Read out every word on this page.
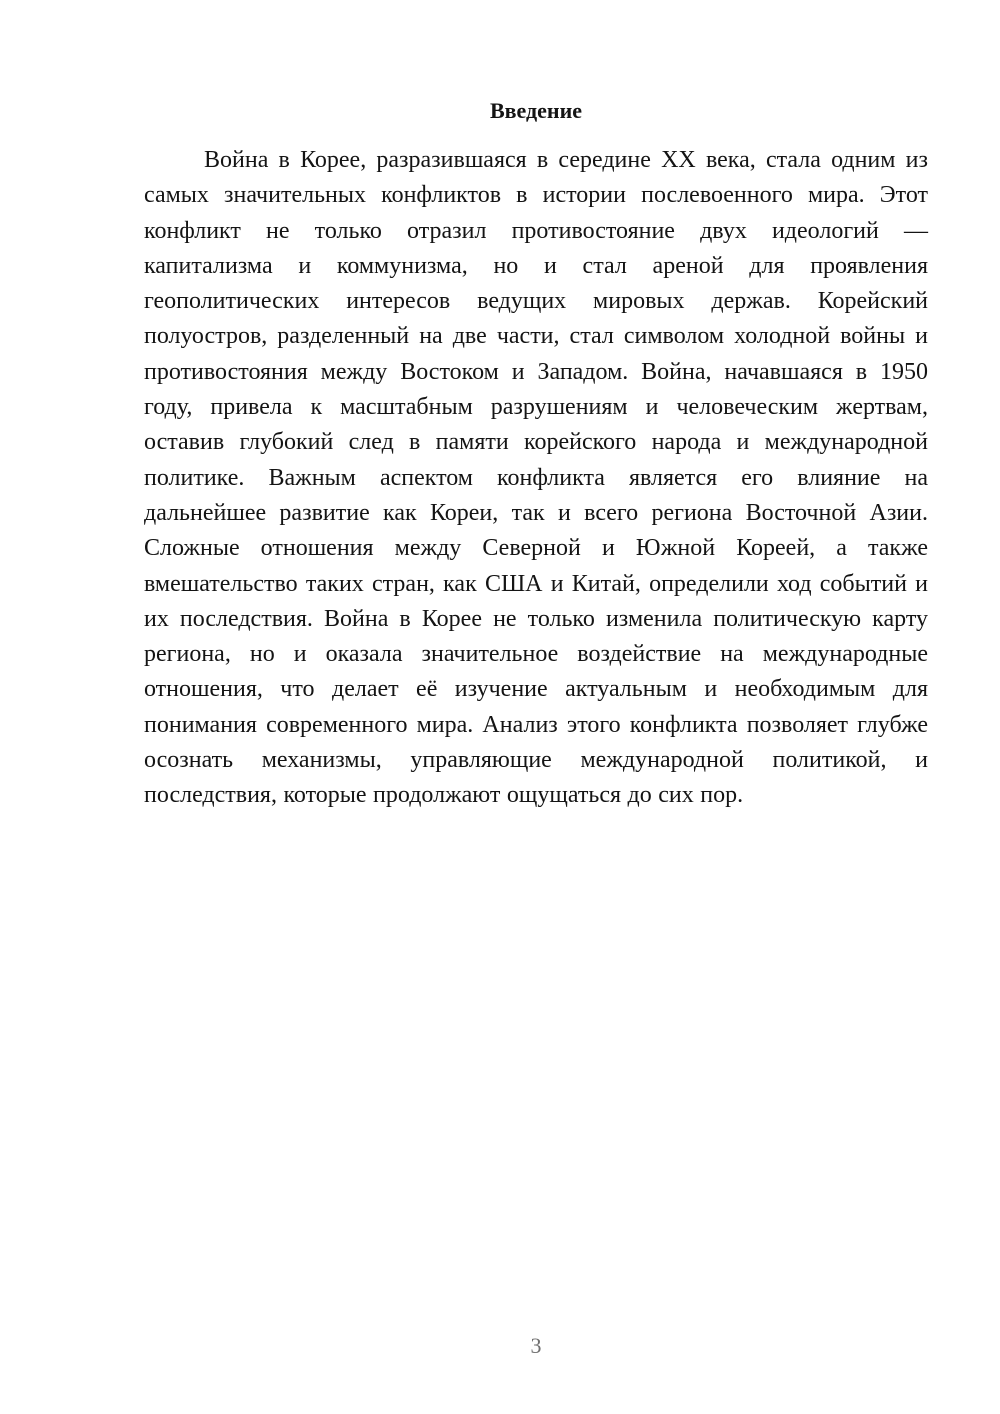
Введение

Война в Корее, разразившаяся в середине XX века, стала одним из самых значительных конфликтов в истории послевоенного мира. Этот конфликт не только отразил противостояние двух идеологий — капитализма и коммунизма, но и стал ареной для проявления геополитических интересов ведущих мировых держав. Корейский полуостров, разделенный на две части, стал символом холодной войны и противостояния между Востоком и Западом. Война, начавшаяся в 1950 году, привела к масштабным разрушениям и человеческим жертвам, оставив глубокий след в памяти корейского народа и международной политике. Важным аспектом конфликта является его влияние на дальнейшее развитие как Кореи, так и всего региона Восточной Азии. Сложные отношения между Северной и Южной Кореей, а также вмешательство таких стран, как США и Китай, определили ход событий и их последствия. Война в Корее не только изменила политическую карту региона, но и оказала значительное воздействие на международные отношения, что делает её изучение актуальным и необходимым для понимания современного мира. Анализ этого конфликта позволяет глубже осознать механизмы, управляющие международной политикой, и последствия, которые продолжают ощущаться до сих пор.

3
